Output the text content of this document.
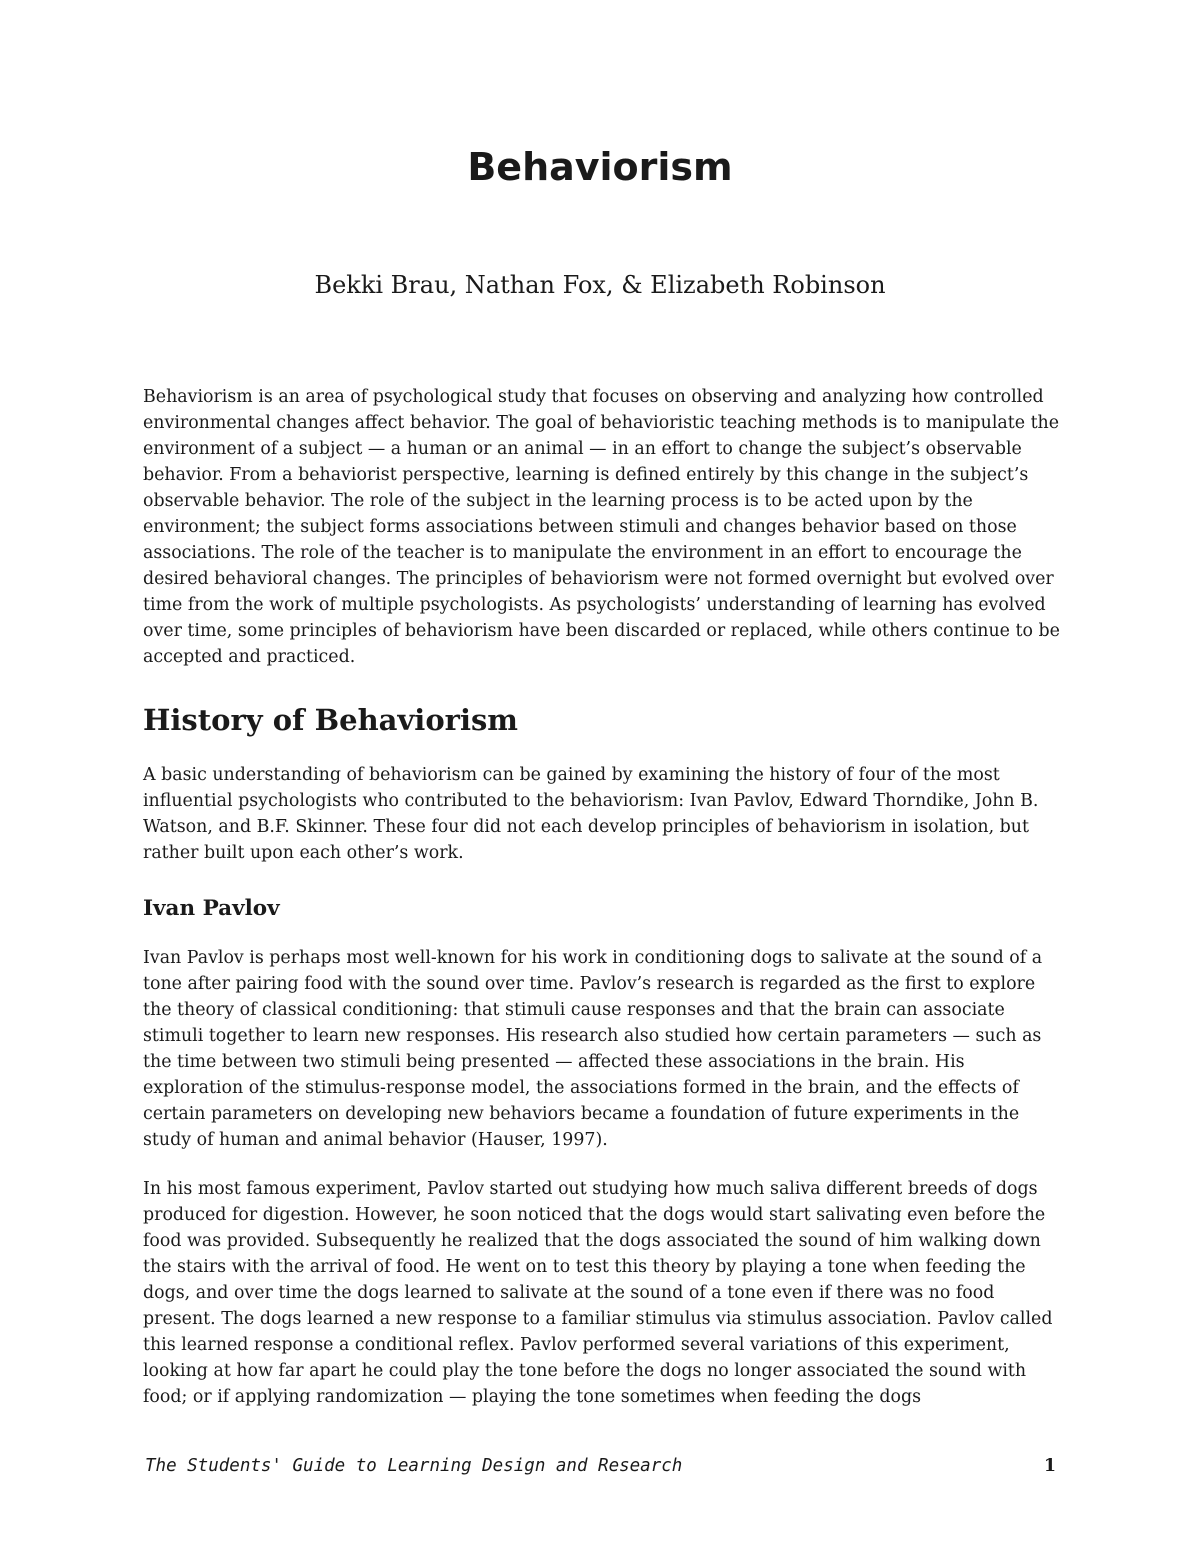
Behaviorism

Bekki Brau, Nathan Fox, & Elizabeth Robinson

Behaviorism is an area of psychological study that focuses on observing and analyzing how controlled environmental changes affect behavior. The goal of behavioristic teaching methods is to manipulate the environment of a subject — a human or an animal — in an effort to change the subject’s observable behavior. From a behaviorist perspective, learning is defined entirely by this change in the subject’s observable behavior. The role of the subject in the learning process is to be acted upon by the environment; the subject forms associations between stimuli and changes behavior based on those associations. The role of the teacher is to manipulate the environment in an effort to encourage the desired behavioral changes. The principles of behaviorism were not formed overnight but evolved over time from the work of multiple psychologists. As psychologists’ understanding of learning has evolved over time, some principles of behaviorism have been discarded or replaced, while others continue to be accepted and practiced.

History of Behaviorism

A basic understanding of behaviorism can be gained by examining the history of four of the most influential psychologists who contributed to the behaviorism: Ivan Pavlov, Edward Thorndike, John B. Watson, and B.F. Skinner. These four did not each develop principles of behaviorism in isolation, but rather built upon each other’s work.

Ivan Pavlov

Ivan Pavlov is perhaps most well-known for his work in conditioning dogs to salivate at the sound of a tone after pairing food with the sound over time. Pavlov’s research is regarded as the first to explore the theory of classical conditioning: that stimuli cause responses and that the brain can associate stimuli together to learn new responses. His research also studied how certain parameters — such as the time between two stimuli being presented — affected these associations in the brain. His exploration of the stimulus-response model, the associations formed in the brain, and the effects of certain parameters on developing new behaviors became a foundation of future experiments in the study of human and animal behavior (Hauser, 1997).

In his most famous experiment, Pavlov started out studying how much saliva different breeds of dogs produced for digestion. However, he soon noticed that the dogs would start salivating even before the food was provided. Subsequently he realized that the dogs associated the sound of him walking down the stairs with the arrival of food. He went on to test this theory by playing a tone when feeding the dogs, and over time the dogs learned to salivate at the sound of a tone even if there was no food present. The dogs learned a new response to a familiar stimulus via stimulus association. Pavlov called this learned response a conditional reflex. Pavlov performed several variations of this experiment, looking at how far apart he could play the tone before the dogs no longer associated the sound with food; or if applying randomization — playing the tone sometimes when feeding the dogs

The Students' Guide to Learning Design and Research	1
